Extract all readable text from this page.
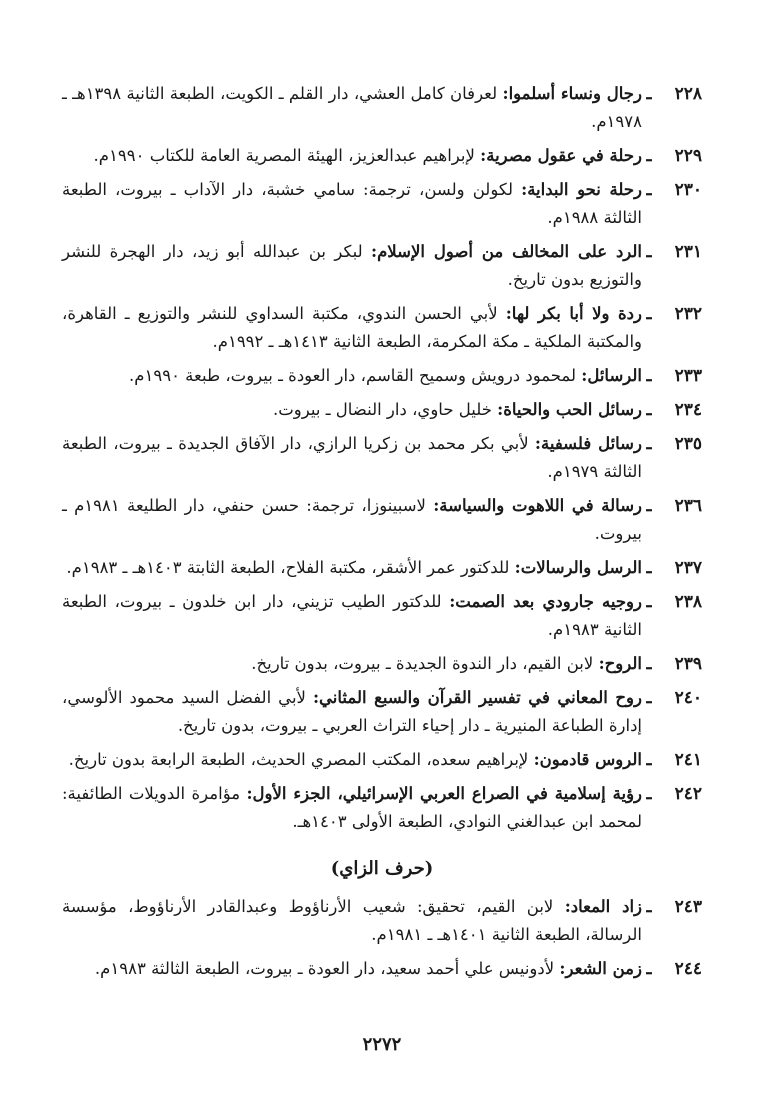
٢٢٨
ـ
رجال ونساء أسلموا: لعرفان كامل العشي، دار القلم ـ الكويت، الطبعة الثانية ١٣٩٨هـ ـ ١٩٧٨م.
٢٢٩
ـ
رحلة في عقول مصرية: لإبراهيم عبدالعزيز، الهيئة المصرية العامة للكتاب ١٩٩٠م.
٢٣٠
ـ
رحلة نحو البداية: لكولن ولسن، ترجمة: سامي خشبة، دار الآداب ـ بيروت، الطبعة الثالثة ١٩٨٨م.
٢٣١
ـ
الرد على المخالف من أصول الإسلام: لبكر بن عبدالله أبو زيد، دار الهجرة للنشر والتوزيع بدون تاريخ.
٢٣٢
ـ
ردة ولا أبا بكر لها: لأبي الحسن الندوي، مكتبة السداوي للنشر والتوزيع ـ القاهرة، والمكتبة الملكية ـ مكة المكرمة، الطبعة الثانية ١٤١٣هـ ـ ١٩٩٢م.
٢٣٣
ـ
الرسائل: لمحمود درويش وسميح القاسم، دار العودة ـ بيروت، طبعة ١٩٩٠م.
٢٣٤
ـ
رسائل الحب والحياة: خليل حاوي، دار النضال ـ بيروت.
٢٣٥
ـ
رسائل فلسفية: لأبي بكر محمد بن زكريا الرازي، دار الآفاق الجديدة ـ بيروت، الطبعة الثالثة ١٩٧٩م.
٢٣٦
ـ
رسالة في اللاهوت والسياسة: لاسبينوزا، ترجمة: حسن حنفي، دار الطليعة ١٩٨١م ـ بيروت.
٢٣٧
ـ
الرسل والرسالات: للدكتور عمر الأشقر، مكتبة الفلاح، الطبعة الثابتة ١٤٠٣هـ ـ ١٩٨٣م.
٢٣٨
ـ
روجيه جارودي بعد الصمت: للدكتور الطيب تزيني، دار ابن خلدون ـ بيروت، الطبعة الثانية ١٩٨٣م.
٢٣٩
ـ
الروح: لابن القيم، دار الندوة الجديدة ـ بيروت، بدون تاريخ.
٢٤٠
ـ
روح المعاني في تفسير القرآن والسبع المثاني: لأبي الفضل السيد محمود الألوسي، إدارة الطباعة المنيرية ـ دار إحياء التراث العربي ـ بيروت، بدون تاريخ.
٢٤١
ـ
الروس قادمون: لإبراهيم سعده، المكتب المصري الحديث، الطبعة الرابعة بدون تاريخ.
٢٤٢
ـ
رؤية إسلامية في الصراع العربي الإسرائيلي، الجزء الأول: مؤامرة الدويلات الطائفية: لمحمد ابن عبدالغني النوادي، الطبعة الأولى ١٤٠٣هـ.
(حرف الزاي)
٢٤٣
ـ
زاد المعاد: لابن القيم، تحقيق: شعيب الأرناؤوط وعبدالقادر الأرناؤوط، مؤسسة الرسالة، الطبعة الثانية ١٤٠١هـ ـ ١٩٨١م.
٢٤٤
ـ
زمن الشعر: لأدونيس علي أحمد سعيد، دار العودة ـ بيروت، الطبعة الثالثة ١٩٨٣م.
٢٢٧٢
